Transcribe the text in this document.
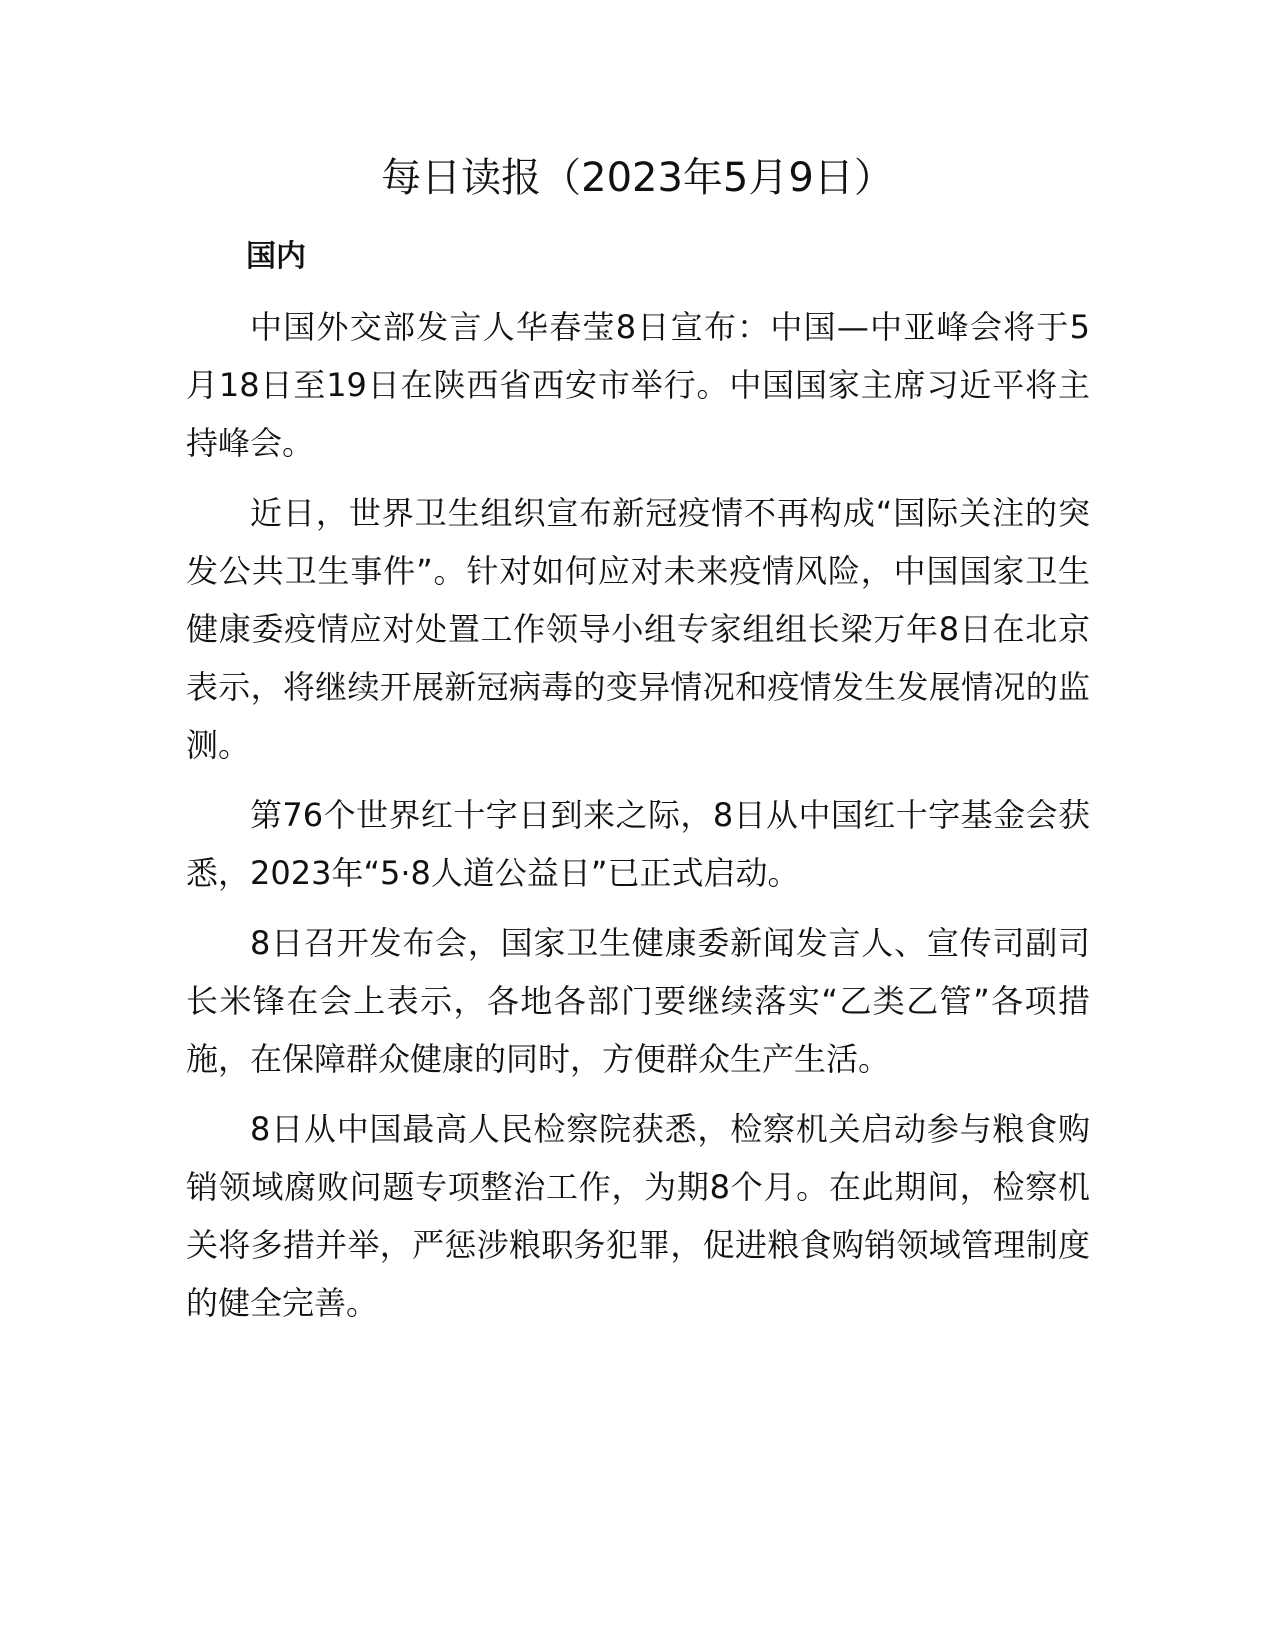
每日读报（2023年5月9日）

国内

中国外交部发言人华春莹8日宣布：中国—中亚峰会将于5月18日至19日在陕西省西安市举行。中国国家主席习近平将主持峰会。

近日，世界卫生组织宣布新冠疫情不再构成“国际关注的突发公共卫生事件”。针对如何应对未来疫情风险，中国国家卫生健康委疫情应对处置工作领导小组专家组组长梁万年8日在北京表示，将继续开展新冠病毒的变异情况和疫情发生发展情况的监测。

第76个世界红十字日到来之际，8日从中国红十字基金会获悉，2023年“5·8人道公益日”已正式启动。

8日召开发布会，国家卫生健康委新闻发言人、宣传司副司长米锋在会上表示，各地各部门要继续落实“乙类乙管”各项措施，在保障群众健康的同时，方便群众生产生活。

8日从中国最高人民检察院获悉，检察机关启动参与粮食购销领域腐败问题专项整治工作，为期8个月。在此期间，检察机关将多措并举，严惩涉粮职务犯罪，促进粮食购销领域管理制度的健全完善。
